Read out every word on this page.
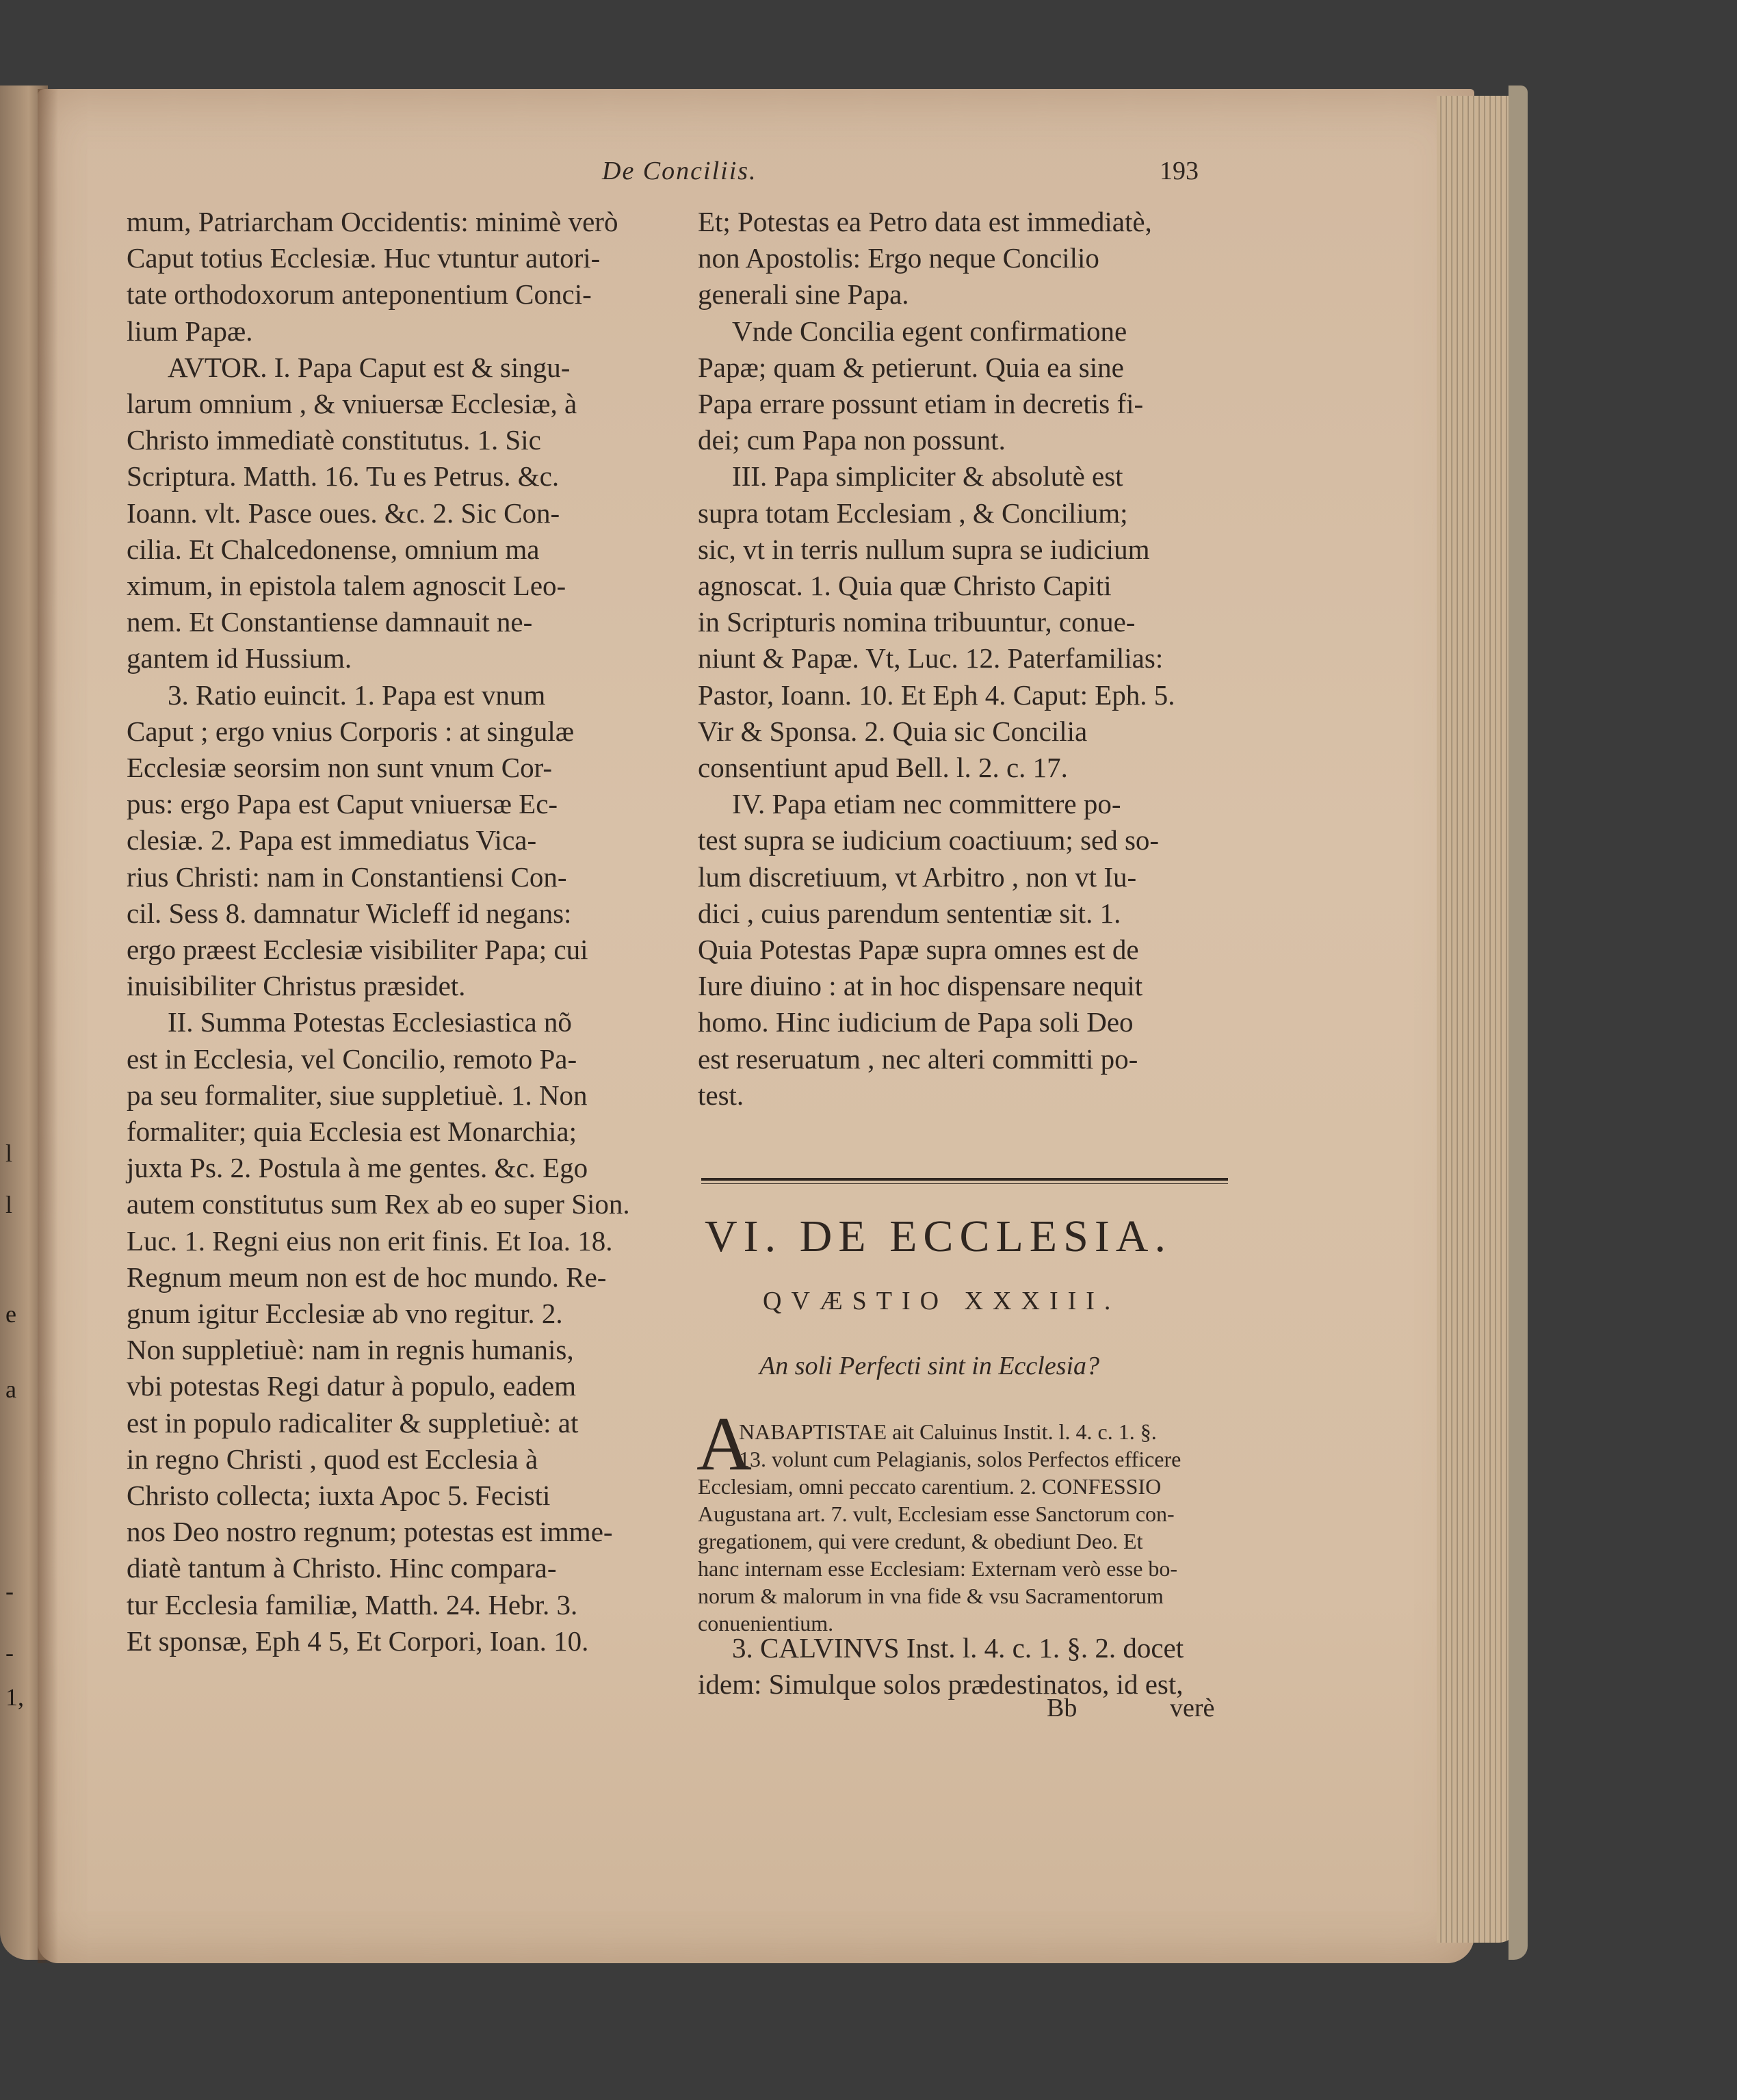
l
l
e
a
-
-
1,
De Conciliis.	193
mum, Patriarcham Occidentis: minimè verò
Caput totius Ecclesiæ. Huc vtuntur autori-
tate orthodoxorum anteponentium Conci-
lium Papæ.
AVTOR. I. Papa Caput est & singu-
larum omnium , & vniuersæ Ecclesiæ, à
Christo immediatè constitutus. 1. Sic
Scriptura. Matth. 16. Tu es Petrus. &c.
Ioann. vlt. Pasce oues. &c. 2. Sic Con-
cilia. Et Chalcedonense, omnium ma
ximum, in epistola talem agnoscit Leo-
nem. Et Constantiense damnauit ne-
gantem id Hussium.
3. Ratio euincit. 1. Papa est vnum
Caput ; ergo vnius Corporis : at singulæ
Ecclesiæ seorsim non sunt vnum Cor-
pus: ergo Papa est Caput vniuersæ Ec-
clesiæ. 2. Papa est immediatus Vica-
rius Christi: nam in Constantiensi Con-
cil. Sess 8. damnatur Wicleff id negans:
ergo præest Ecclesiæ visibiliter Papa; cui
inuisibiliter Christus præsidet.
II. Summa Potestas Ecclesiastica nõ
est in Ecclesia, vel Concilio, remoto Pa-
pa seu formaliter, siue suppletiuè. 1. Non
formaliter; quia Ecclesia est Monarchia;
juxta Ps. 2. Postula à me gentes. &c. Ego
autem constitutus sum Rex ab eo super Sion.
Luc. 1. Regni eius non erit finis. Et Ioa. 18.
Regnum meum non est de hoc mundo. Re-
gnum igitur Ecclesiæ ab vno regitur. 2.
Non suppletiuè: nam in regnis humanis,
vbi potestas Regi datur à populo, eadem
est in populo radicaliter & suppletiuè: at
in regno Christi , quod est Ecclesia à
Christo collecta; iuxta Apoc 5. Fecisti
nos Deo nostro regnum; potestas est imme-
diatè tantum à Christo. Hinc compara-
tur Ecclesia familiæ, Matth. 24. Hebr. 3.
Et sponsæ, Eph 4 5, Et Corpori, Ioan. 10.
Et; Potestas ea Petro data est immediatè,
non Apostolis: Ergo neque Concilio
generali sine Papa.
Vnde Concilia egent confirmatione
Papæ; quam & petierunt. Quia ea sine
Papa errare possunt etiam in decretis fi-
dei; cum Papa non possunt.
III. Papa simpliciter & absolutè est
supra totam Ecclesiam , & Concilium;
sic, vt in terris nullum supra se iudicium
agnoscat. 1. Quia quæ Christo Capiti
in Scripturis nomina tribuuntur, conue-
niunt & Papæ. Vt, Luc. 12. Paterfamilias:
Pastor, Ioann. 10. Et Eph 4. Caput: Eph. 5.
Vir & Sponsa. 2. Quia sic Concilia
consentiunt apud Bell. l. 2. c. 17.
IV. Papa etiam nec committere po-
test supra se iudicium coactiuum; sed so-
lum discretiuum, vt Arbitro , non vt Iu-
dici , cuius parendum sententiæ sit. 1.
Quia Potestas Papæ supra omnes est de
Iure diuino : at in hoc dispensare nequit
homo. Hinc iudicium de Papa soli Deo
est reseruatum , nec alteri committi po-
test.
VI. DE ECCLESIA.
QVÆSTIO XXXIII.
An soli Perfecti sint in Ecclesia?
A
NABAPTISTAE ait Caluinus Instit. l. 4. c. 1. §.
13. volunt cum Pelagianis, solos Perfectos efficere
Ecclesiam, omni peccato carentium. 2. CONFESSIO
Augustana art. 7. vult, Ecclesiam esse Sanctorum con-
gregationem, qui vere credunt, & obediunt Deo. Et
hanc internam esse Ecclesiam: Externam verò esse bo-
norum & malorum in vna fide & vsu Sacramentorum
conuenientium.
3. CALVINVS Inst. l. 4. c. 1. §. 2. docet
idem: Simulque solos prædestinatos, id est,
Bb	verè
